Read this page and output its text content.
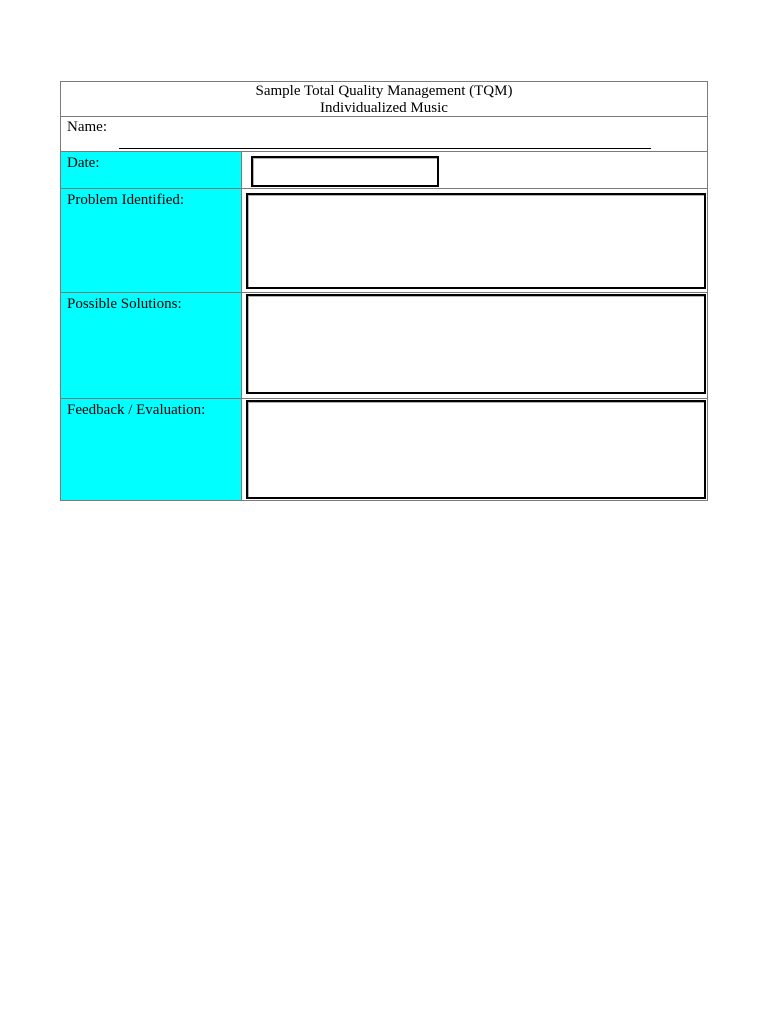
Sample Total Quality Management (TQM)
Individualized Music
Name:
Date:
Problem Identified:
Possible Solutions:
Feedback / Evaluation:
